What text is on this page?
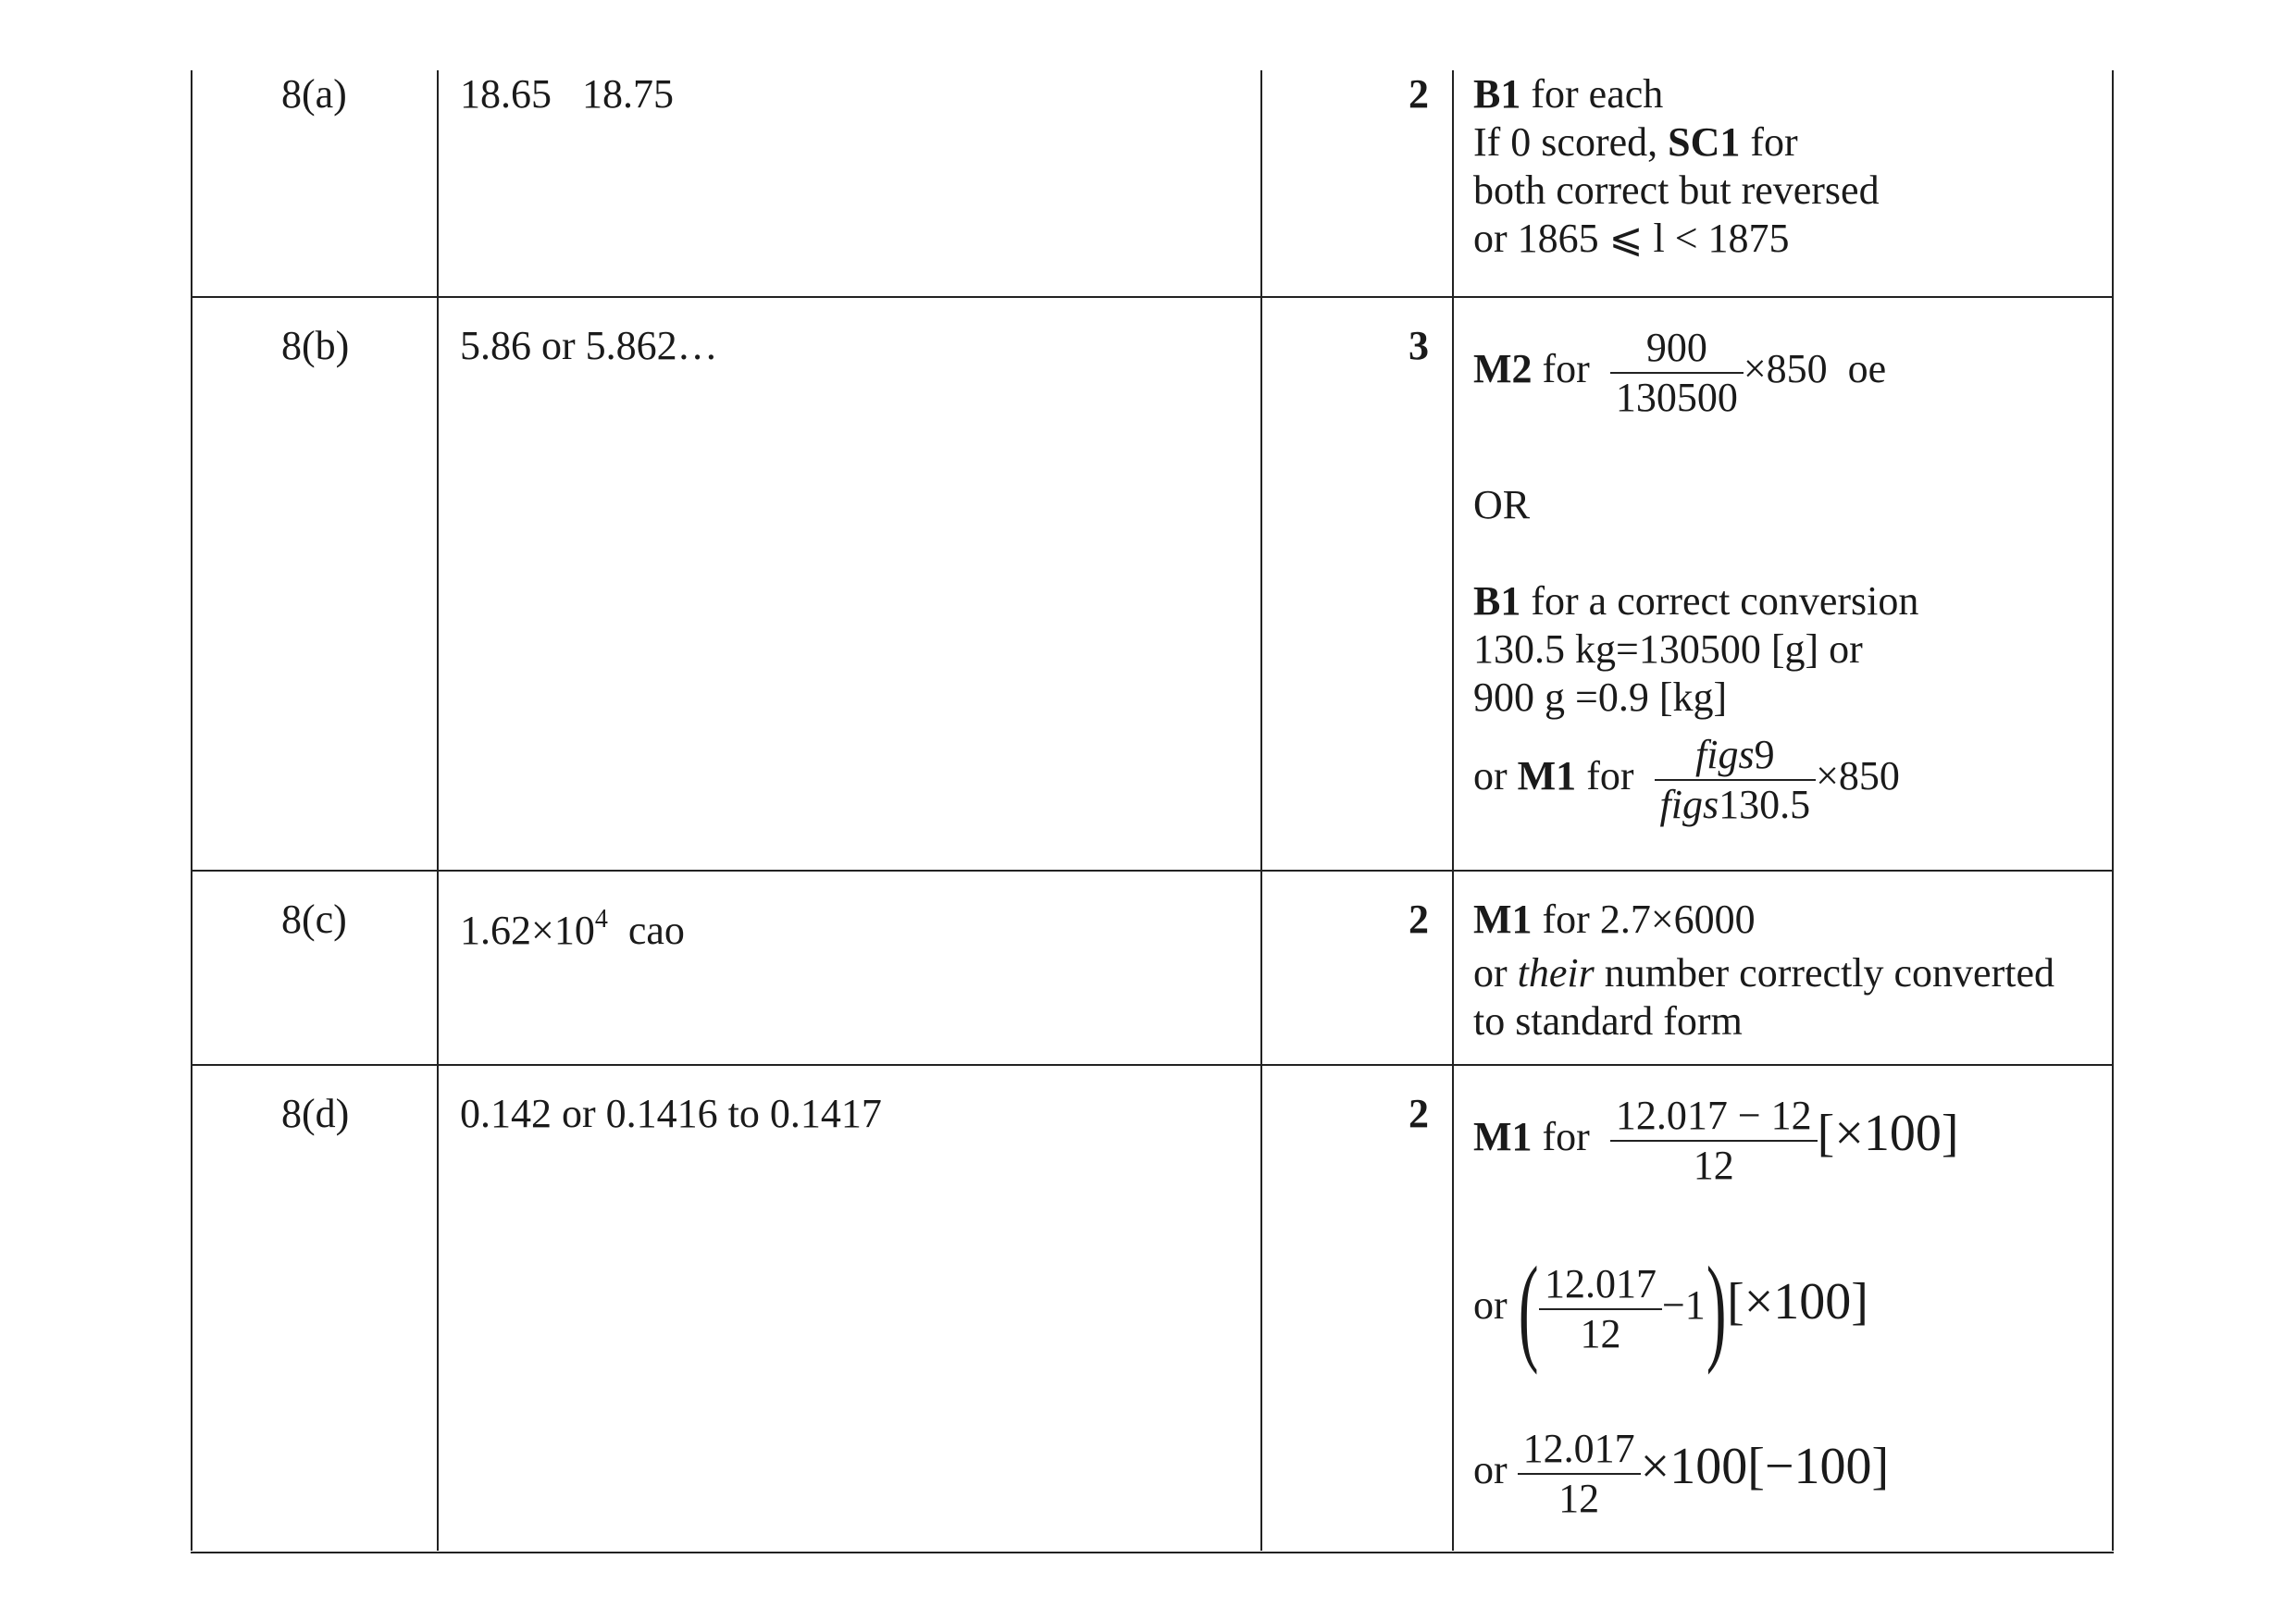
8(a)	18.65   18.75	2 B1 for each
If 0 scored, SC1 for
both correct but reversed
or 1865 ⩽ l < 1875
8(b)	5.86 or 5.862…	3
M2 for $\frac{900}{130500} \times 850$  oe
OR
B1 for a correct conversion
130.5 kg=130500 [g] or
900 g =0.9 [kg]
or M1 for $\frac{\text{figs9}}{\text{figs130.5}} \times 850$
8(c)	$1.62\times 10^4$  cao	2 M1 for 2.7×6000
or their number correctly converted
to standard form
8(d)	0.142 or 0.1416 to 0.1417	2
M1 for $\frac{12.017 - 12}{12} [\times 100]$
or ( $\frac{12.017}{12} -1)[\times 100]$
or $\frac{12.017}{12} \times 100[-100]$
